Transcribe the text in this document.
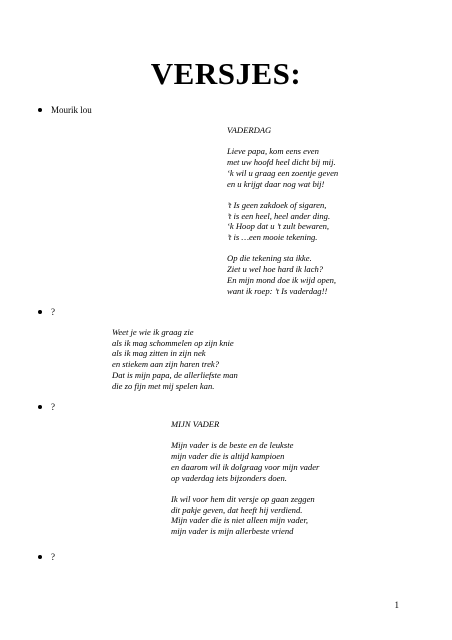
VERSJES:
Mourik lou
VADERDAG
Lieve papa, kom eens even
met uw hoofd heel dicht bij mij.
‘k wil u graag een zoentje geven
en u krijgt daar nog wat bij!
’t Is geen zakdoek of sigaren,
’t is een heel, heel ander ding.
‘k Hoop dat u ’t zult bewaren,
’t is …een mooie tekening.
Op die tekening sta ikke.
Ziet u wel hoe hard ik lach?
En mijn mond doe ik wijd open,
want ik roep: ’t Is vaderdag!!
?
Weet je wie ik graag zie
als ik mag schommelen op zijn knie
als ik mag zitten in zijn nek
en stiekem aan zijn haren trek?
Dat is mijn papa, de allerliefste man
die zo fijn met mij spelen kan.
?
MIJN VADER
Mijn vader is de beste en de leukste
mijn vader die is altijd kampioen
en daarom wil ik dolgraag voor mijn vader
op vaderdag iets bijzonders doen.
Ik wil voor hem dit versje op gaan zeggen
dit pakje geven, dat heeft hij verdiend.
Mijn vader die is niet alleen mijn vader,
mijn vader is mijn allerbeste vriend
?
1
